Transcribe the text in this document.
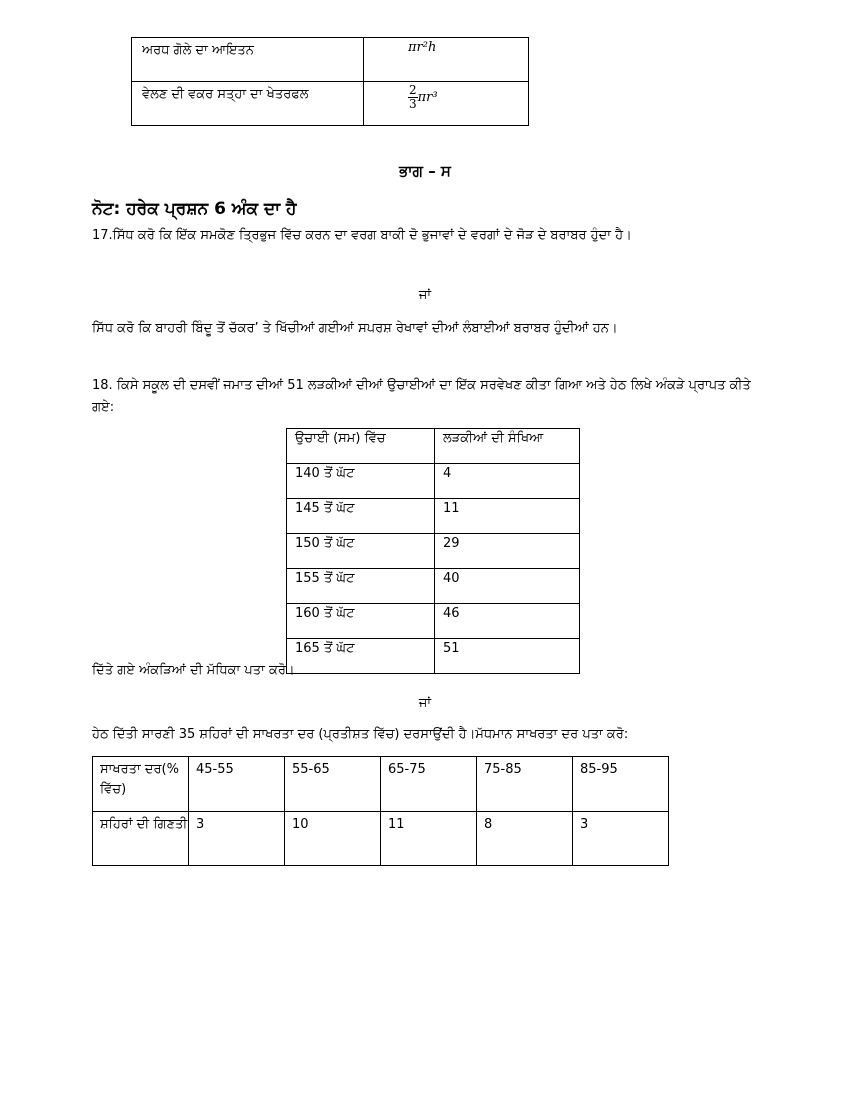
ਅਰਧ ਗੋਲੇ ਦਾ ਆਇਤਨ	πr²h
ਵੇਲਣ ਦੀ ਵਕਰ ਸਤ੍ਹਾ ਦਾ ਖੇਤਰਫਲ	$\frac{2}{3} \pi r^3$
ਭਾਗ – ਸ
ਨੋਟ: ਹਰੇਕ ਪ੍ਰਸ਼ਨ 6 ਅੰਕ ਦਾ ਹੈ
17.ਸਿੱਧ ਕਰੋ ਕਿ ਇੱਕ ਸਮਕੋਣ ਤ੍ਰਿਭੁਜ ਵਿੱਚ ਕਰਨ ਦਾ ਵਰਗ ਬਾਕੀ ਦੋ ਭੁਜਾਵਾਂ ਦੇ ਵਰਗਾਂ ਦੇ ਜੋੜ ਦੇ ਬਰਾਬਰ ਹੁੰਦਾ ਹੈ।
ਜਾਂ
ਸਿੱਧ ਕਰੋ ਕਿ ਬਾਹਰੀ ਬਿੰਦੂ ਤੋਂ ਚੱਕਰ’ ਤੇ ਖਿੱਚੀਆਂ ਗਈਆਂ ਸਪਰਸ਼ ਰੇਖਾਵਾਂ ਦੀਆਂ ਲੰਬਾਈਆਂ ਬਰਾਬਰ ਹੁੰਦੀਆਂ ਹਨ।
18. ਕਿਸੇ ਸਕੂਲ ਦੀ ਦਸਵੀਂ ਜਮਾਤ ਦੀਆਂ 51 ਲੜਕੀਆਂ ਦੀਆਂ ਉਚਾਈਆਂ ਦਾ ਇੱਕ ਸਰਵੇਖਣ ਕੀਤਾ ਗਿਆ ਅਤੇ ਹੇਠ ਲਿਖੇ ਅੰਕੜੇ ਪ੍ਰਾਪਤ ਕੀਤੇ ਗਏ:
ਉਚਾਈ (ਸਮ) ਵਿੱਚ	ਲੜਕੀਆਂ ਦੀ ਸੰਖਿਆ
140 ਤੋਂ ਘੱਟ	4
145 ਤੋਂ ਘੱਟ	11
150 ਤੋਂ ਘੱਟ	29
155 ਤੋਂ ਘੱਟ	40
160 ਤੋਂ ਘੱਟ	46
165 ਤੋਂ ਘੱਟ	51
ਦਿੱਤੇ ਗਏ ਅੰਕੜਿਆਂ ਦੀ ਮੱਧਿਕਾ ਪਤਾ ਕਰੋ।
ਜਾਂ
ਹੇਠ ਦਿੱਤੀ ਸਾਰਣੀ 35 ਸ਼ਹਿਰਾਂ ਦੀ ਸਾਖਰਤਾ ਦਰ (ਪ੍ਰਤੀਸ਼ਤ ਵਿੱਚ) ਦਰਸਾਉਂਦੀ ਹੈ।ਮੱਧਮਾਨ ਸਾਖਰਤਾ ਦਰ ਪਤਾ ਕਰੋ:
ਸਾਖਰਤਾ ਦਰ(% ਵਿੱਚ)	45-55	55-65	65-75	75-85	85-95
ਸ਼ਹਿਰਾਂ ਦੀ ਗਿਣਤੀ	3	10	11	8	3
